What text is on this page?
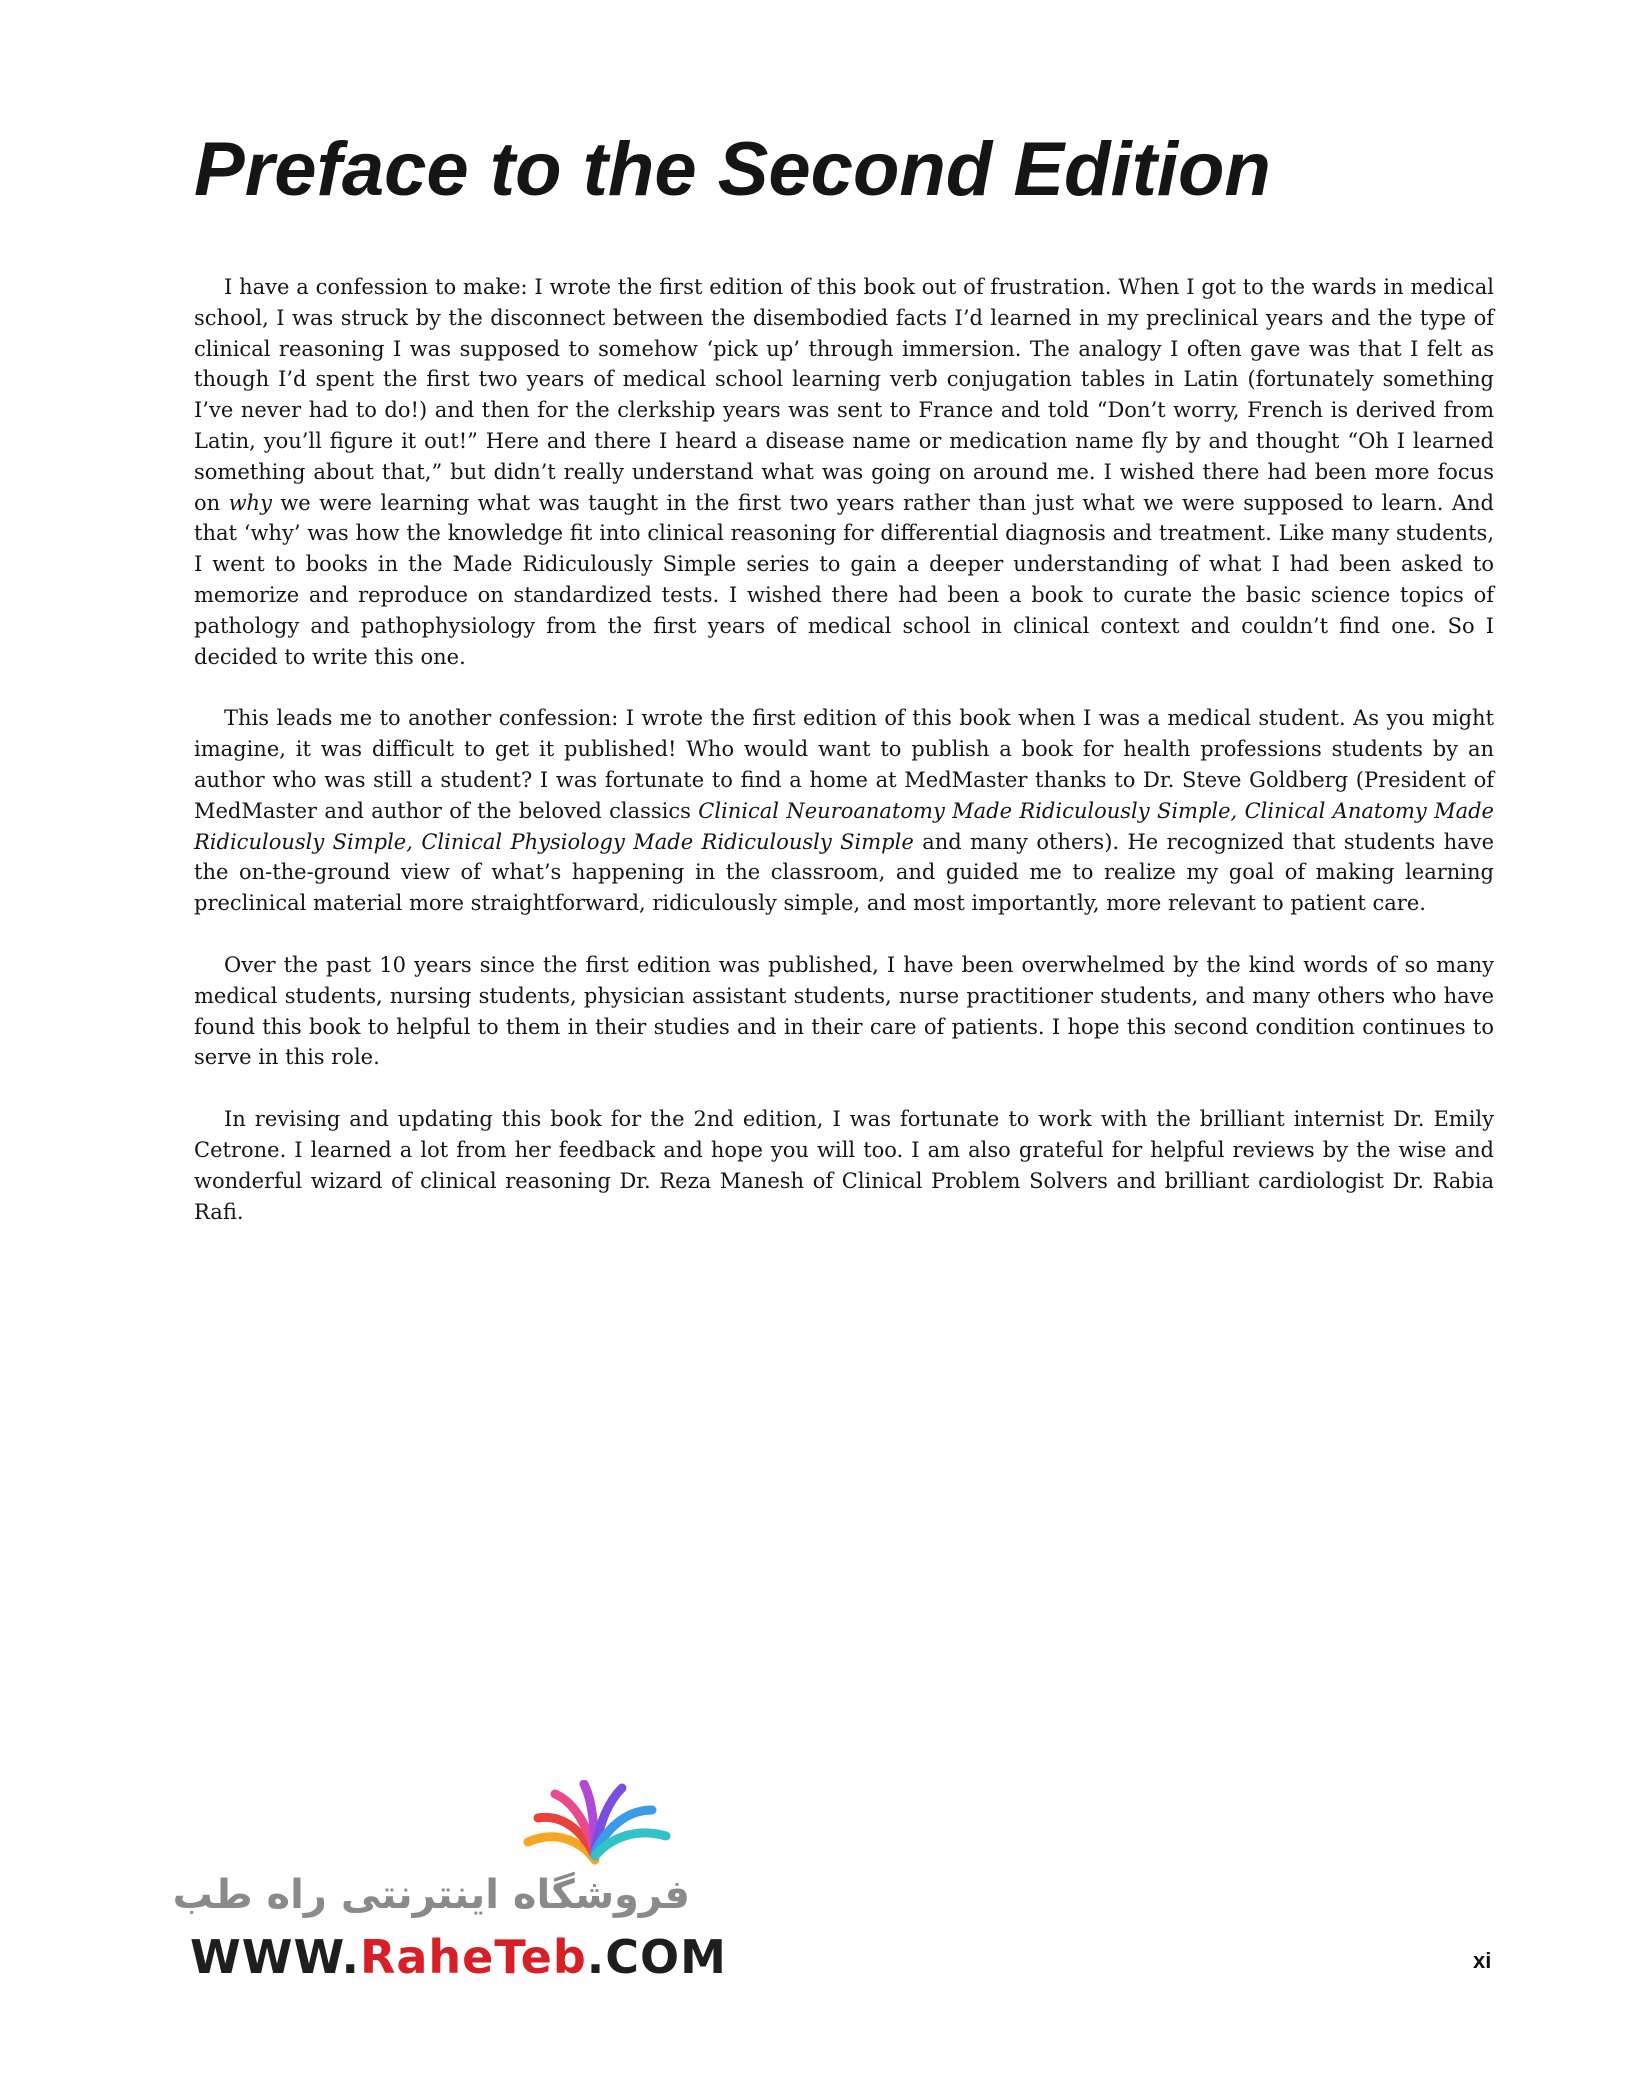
Preface to the Second Edition

I have a confession to make: I wrote the first edition of this book out of frustration. When I got to the wards in medical school, I was struck by the disconnect between the disembodied facts I’d learned in my preclinical years and the type of clinical reasoning I was supposed to somehow ‘pick up’ through immersion. The analogy I often gave was that I felt as though I’d spent the first two years of medical school learning verb conjugation tables in Latin (fortunately something I’ve never had to do!) and then for the clerkship years was sent to France and told “Don’t worry, French is derived from Latin, you’ll figure it out!” Here and there I heard a disease name or medication name fly by and thought “Oh I learned something about that,” but didn’t really understand what was going on around me. I wished there had been more focus on why we were learning what was taught in the first two years rather than just what we were supposed to learn. And that ‘why’ was how the knowledge fit into clinical reasoning for differential diagnosis and treatment. Like many students, I went to books in the Made Ridiculously Simple series to gain a deeper understanding of what I had been asked to memorize and reproduce on standardized tests. I wished there had been a book to curate the basic science topics of pathology and pathophysiology from the first years of medical school in clinical context and couldn’t find one. So I decided to write this one.

This leads me to another confession: I wrote the first edition of this book when I was a medical student. As you might imagine, it was difficult to get it published! Who would want to publish a book for health professions students by an author who was still a student? I was fortunate to find a home at MedMaster thanks to Dr. Steve Goldberg (President of MedMaster and author of the beloved classics Clinical Neuroanatomy Made Ridiculously Simple, Clinical Anatomy Made Ridiculously Simple, Clinical Physiology Made Ridiculously Simple and many others). He recognized that students have the on-the-ground view of what’s happening in the classroom, and guided me to realize my goal of making learning preclinical material more straightforward, ridiculously simple, and most importantly, more relevant to patient care.

Over the past 10 years since the first edition was published, I have been overwhelmed by the kind words of so many medical students, nursing students, physician assistant students, nurse practitioner students, and many others who have found this book to helpful to them in their studies and in their care of patients. I hope this second condition continues to serve in this role.

In revising and updating this book for the 2nd edition, I was fortunate to work with the brilliant internist Dr. Emily Cetrone. I learned a lot from her feedback and hope you will too. I am also grateful for helpful reviews by the wise and wonderful wizard of clinical reasoning Dr. Reza Manesh of Clinical Problem Solvers and brilliant cardiologist Dr. Rabia Rafi.

فروشگاه اینترنتی راه طب
WWW.RaheTeb.COM	xi
